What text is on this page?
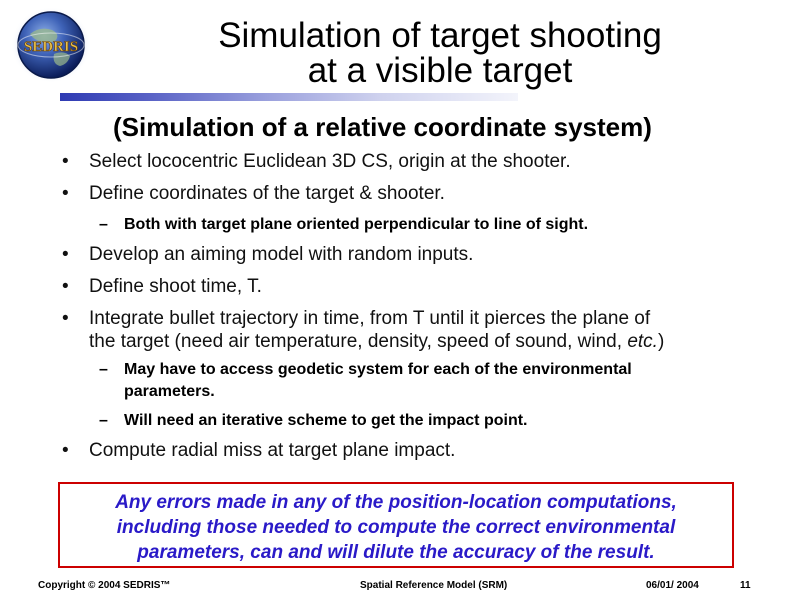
SEDRIS	Simulation of target shooting
at a visible target
(Simulation of a relative coordinate system)
• Select lococentric Euclidean 3D CS, origin at the shooter.
• Define coordinates of the target & shooter.
– Both with target plane oriented perpendicular to line of sight.
• Develop an aiming model with random inputs.
• Define shoot time, T.
• Integrate bullet trajectory in time, from T until it pierces the plane of
the target (need air temperature, density, speed of sound, wind, etc.)
– May have to access geodetic system for each of the environmental
parameters.
– Will need an iterative scheme to get the impact point.
• Compute radial miss at target plane impact.
Any errors made in any of the position-location computations,
including those needed to compute the correct environmental
parameters, can and will dilute the accuracy of the result.
Copyright © 2004 SEDRIS™	Spatial Reference Model (SRM)	06/01/ 2004	11
